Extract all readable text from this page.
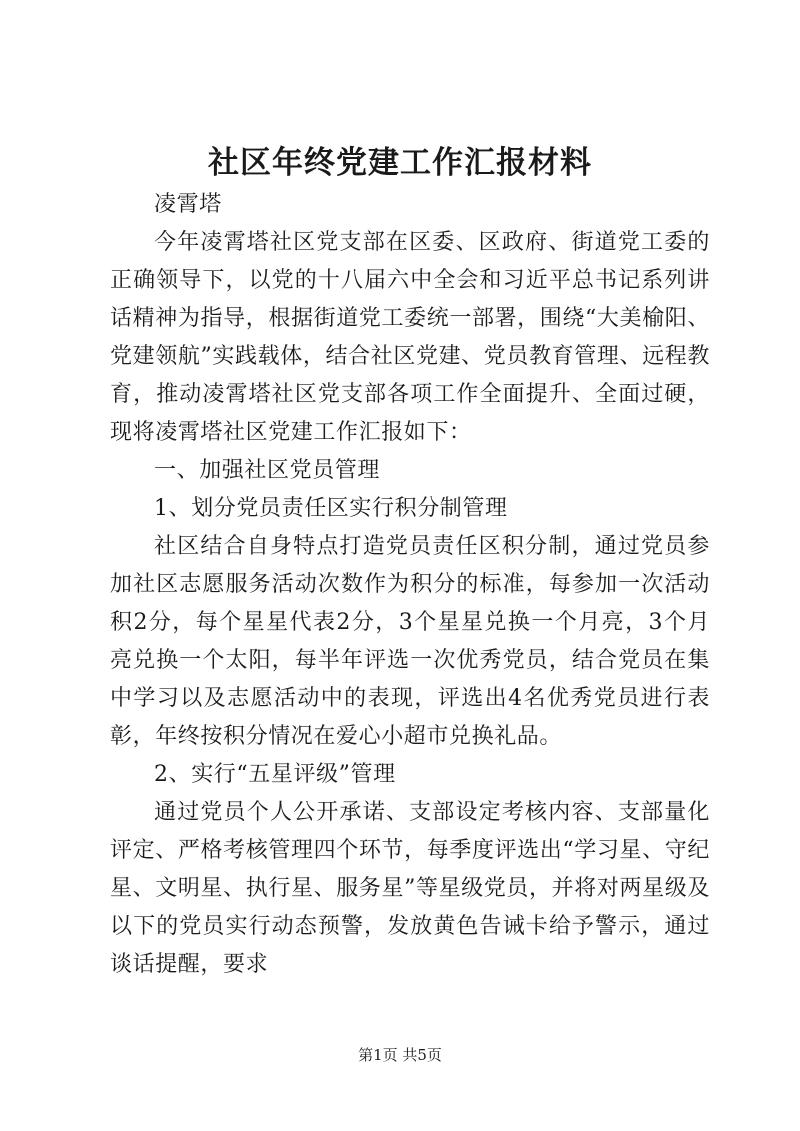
社区年终党建工作汇报材料

凌霄塔

今年凌霄塔社区党支部在区委、区政府、街道党工委的正确领导下，以党的十八届六中全会和习近平总书记系列讲话精神为指导，根据街道党工委统一部署，围绕“大美榆阳、党建领航”实践载体，结合社区党建、党员教育管理、远程教育，推动凌霄塔社区党支部各项工作全面提升、全面过硬，现将凌霄塔社区党建工作汇报如下：

一、加强社区党员管理

1、划分党员责任区实行积分制管理

社区结合自身特点打造党员责任区积分制，通过党员参加社区志愿服务活动次数作为积分的标准，每参加一次活动积2分，每个星星代表2分，3个星星兑换一个月亮，3个月亮兑换一个太阳，每半年评选一次优秀党员，结合党员在集中学习以及志愿活动中的表现，评选出4名优秀党员进行表彰，年终按积分情况在爱心小超市兑换礼品。

2、实行“五星评级”管理

通过党员个人公开承诺、支部设定考核内容、支部量化评定、严格考核管理四个环节，每季度评选出“学习星、守纪星、文明星、执行星、服务星”等星级党员，并将对两星级及以下的党员实行动态预警，发放黄色告诫卡给予警示，通过谈话提醒，要求

第1页 共5页
